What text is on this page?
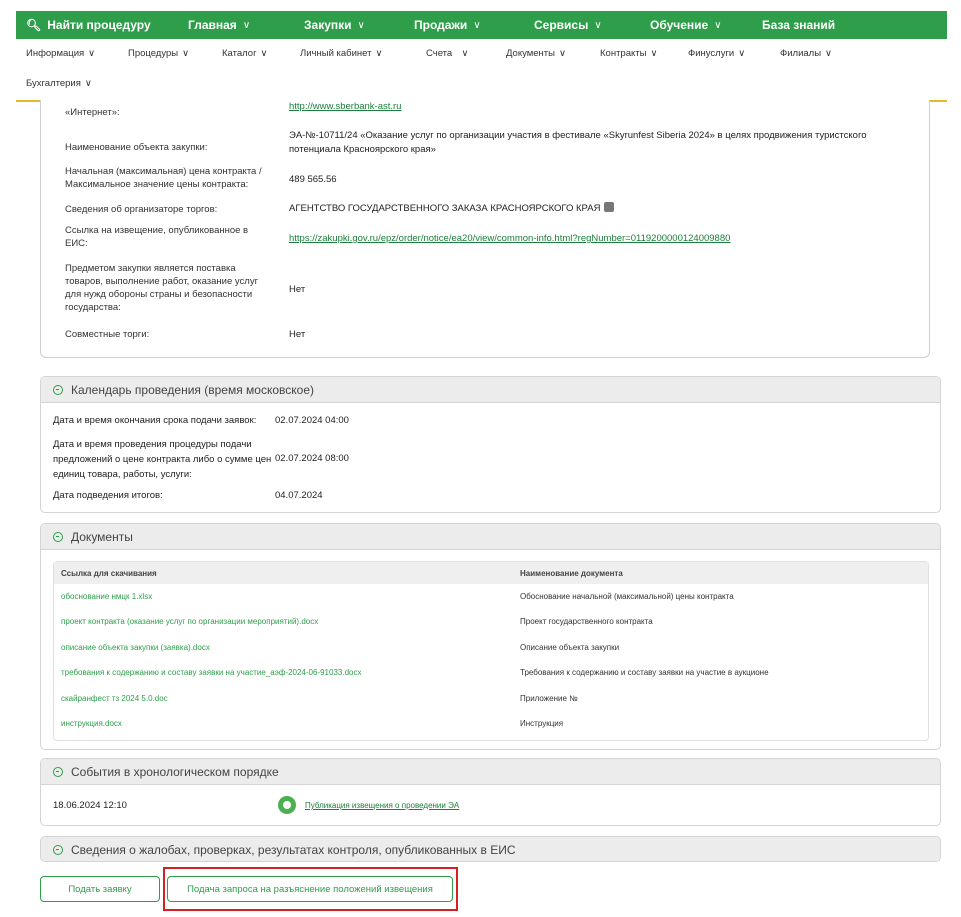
🔍︎ Найти процедуру	Главная ∨	Закупки ∨	Продажи ∨	Сервисы ∨	Обучение ∨	База знаний
Информация ∨	Процедуры ∨	Каталог ∨	Личный кабинет ∨	Счета ∨	Документы ∨	Контракты ∨	Финуслуги ∨	Филиалы ∨
Бухгалтерия ∨
«Интернет»:
http://www.sberbank-ast.ru
Наименование объекта закупки:
ЭА-№-10711/24 «Оказание услуг по организации участия в фестивале «Skyrunfest Siberia 2024» в целях продвижения туристского потенциала Красноярского края»
Начальная (максимальная) цена контракта / Максимальное значение цены контракта:	489 565.56
Сведения об организаторе торгов:	АГЕНТСТВО ГОСУДАРСТВЕННОГО ЗАКАЗА КРАСНОЯРСКОГО КРАЯ
Ссылка на извещение, опубликованное в ЕИС:	https://zakupki.gov.ru/epz/order/notice/ea20/view/common-info.html?regNumber=0119200000124009880
Предметом закупки является поставка товаров, выполнение работ, оказание услуг для нужд обороны страны и безопасности государства:
Нет
Совместные торги:	Нет
Календарь проведения (время московское)
Дата и время окончания срока подачи заявок:	02.07.2024 04:00
Дата и время проведения процедуры подачи предложений о цене контракта либо о сумме цен единиц товара, работы, услуги:
02.07.2024 08:00
Дата подведения итогов:	04.07.2024
Документы
Ссылка для скачивания	Наименование документа
обоснование нмцк 1.xlsx	Обоснование начальной (максимальной) цены контракта
проект контракта (оказание услуг по организации мероприятий).docx	Проект государственного контракта
описание объекта закупки (заявка).docx	Описание объекта закупки
требования к содержанию и составу заявки на участие_аэф-2024-06-91033.docx	Требования к содержанию и составу заявки на участие в аукционе
скайранфест тз 2024 5.0.doc	Приложение №
инструкция.docx	Инструкция
События в хронологическом порядке
18.06.2024 12:10	Публикация извещения о проведении ЭА
Сведения о жалобах, проверках, результатах контроля, опубликованных в ЕИС
Подать заявку	Подача запроса на разъяснение положений извещения
